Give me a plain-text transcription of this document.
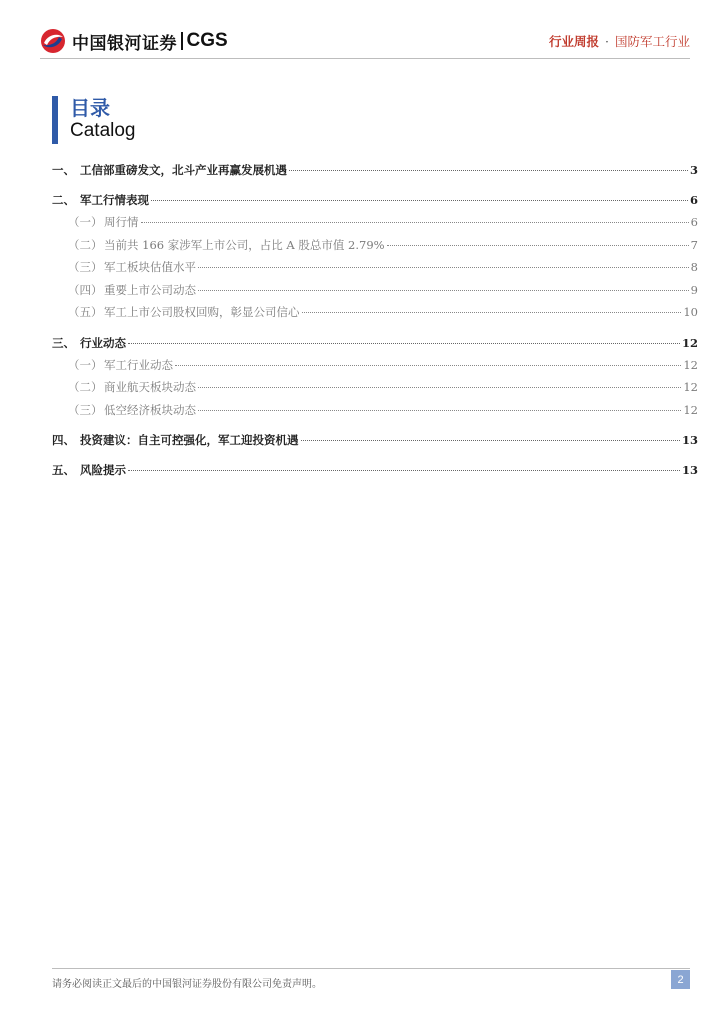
中国银河证券 CGS	行业周报 · 国防军工行业
目录
Catalog
一、 工信部重磅发文，北斗产业再赢发展机遇	3
二、 军工行情表现	6
（一） 周行情	6
（二） 当前共 166 家涉军上市公司，占比 A 股总市值 2.79%	7
（三） 军工板块估值水平	8
（四） 重要上市公司动态	9
（五） 军工上市公司股权回购，彰显公司信心	10
三、 行业动态	12
（一） 军工行业动态	12
（二） 商业航天板块动态	12
（三） 低空经济板块动态	12
四、 投资建议：自主可控强化，军工迎投资机遇	13
五、 风险提示	13
请务必阅读正文最后的中国银河证券股份有限公司免责声明。	2
